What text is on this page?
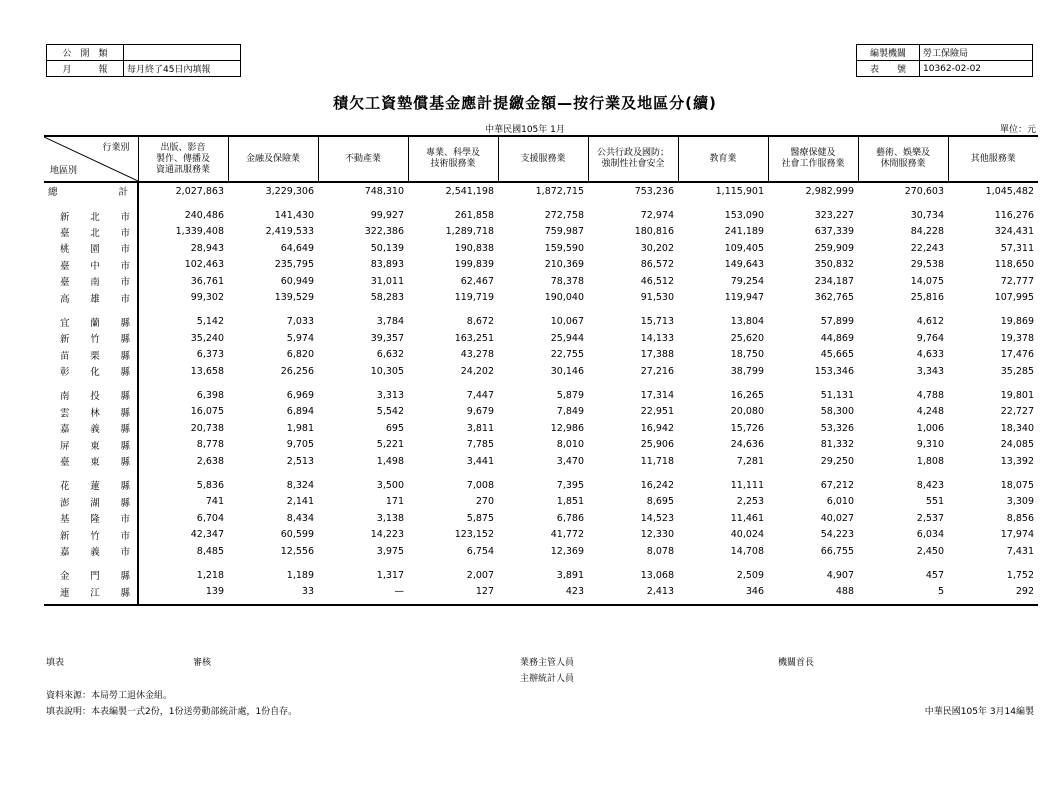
公　開　類	
月　　　報	每月終了45日內填報
編製機關	勞工保險局
表　　號	10362-02-02
積欠工資墊償基金應計提繳金額—按行業及地區分(續)
中華民國105年 1月	單位：元
行業別
地區別	出版、影音
製作、傳播及
資通訊服務業	金融及保險業	不動產業	專業、科學及
技術服務業	支援服務業	公共行政及國防；
強制性社會安全	教育業	醫療保健及
社會工作服務業	藝術、娛樂及
休閒服務業	其他服務業

總 計	2,027,863	3,229,306	748,310	2,541,198	1,872,715	753,236	1,115,901	2,982,999	270,603	1,045,482

新 北 市	240,486	141,430	99,927	261,858	272,758	72,974	153,090	323,227	30,734	116,276

臺 北 市	1,339,408	2,419,533	322,386	1,289,718	759,987	180,816	241,189	637,339	84,228	324,431

桃 園 市	28,943	64,649	50,139	190,838	159,590	30,202	109,405	259,909	22,243	57,311

臺 中 市	102,463	235,795	83,893	199,839	210,369	86,572	149,643	350,832	29,538	118,650

臺 南 市	36,761	60,949	31,011	62,467	78,378	46,512	79,254	234,187	14,075	72,777

高 雄 市	99,302	139,529	58,283	119,719	190,040	91,530	119,947	362,765	25,816	107,995

宜 蘭 縣	5,142	7,033	3,784	8,672	10,067	15,713	13,804	57,899	4,612	19,869

新 竹 縣	35,240	5,974	39,357	163,251	25,944	14,133	25,620	44,869	9,764	19,378

苗 栗 縣	6,373	6,820	6,632	43,278	22,755	17,388	18,750	45,665	4,633	17,476

彰 化 縣	13,658	26,256	10,305	24,202	30,146	27,216	38,799	153,346	3,343	35,285

南 投 縣	6,398	6,969	3,313	7,447	5,879	17,314	16,265	51,131	4,788	19,801

雲 林 縣	16,075	6,894	5,542	9,679	7,849	22,951	20,080	58,300	4,248	22,727

嘉 義 縣	20,738	1,981	695	3,811	12,986	16,942	15,726	53,326	1,006	18,340

屏 東 縣	8,778	9,705	5,221	7,785	8,010	25,906	24,636	81,332	9,310	24,085

臺 東 縣	2,638	2,513	1,498	3,441	3,470	11,718	7,281	29,250	1,808	13,392

花 蓮 縣	5,836	8,324	3,500	7,008	7,395	16,242	11,111	67,212	8,423	18,075

澎 湖 縣	741	2,141	171	270	1,851	8,695	2,253	6,010	551	3,309

基 隆 市	6,704	8,434	3,138	5,875	6,786	14,523	11,461	40,027	2,537	8,856

新 竹 市	42,347	60,599	14,223	123,152	41,772	12,330	40,024	54,223	6,034	17,974

嘉 義 市	8,485	12,556	3,975	6,754	12,369	8,078	14,708	66,755	2,450	7,431

金 門 縣	1,218	1,189	1,317	2,007	3,891	13,068	2,509	4,907	457	1,752

連 江 縣	139	33	—	127	423	2,413	346	488	5	292

填表	審核	業務主管人員
主辦統計人員
機關首長
資料來源：本局勞工退休金組。
填表說明：本表編製一式2份，1份送勞動部統計處，1份自存。	中華民國105年 3月14編製
